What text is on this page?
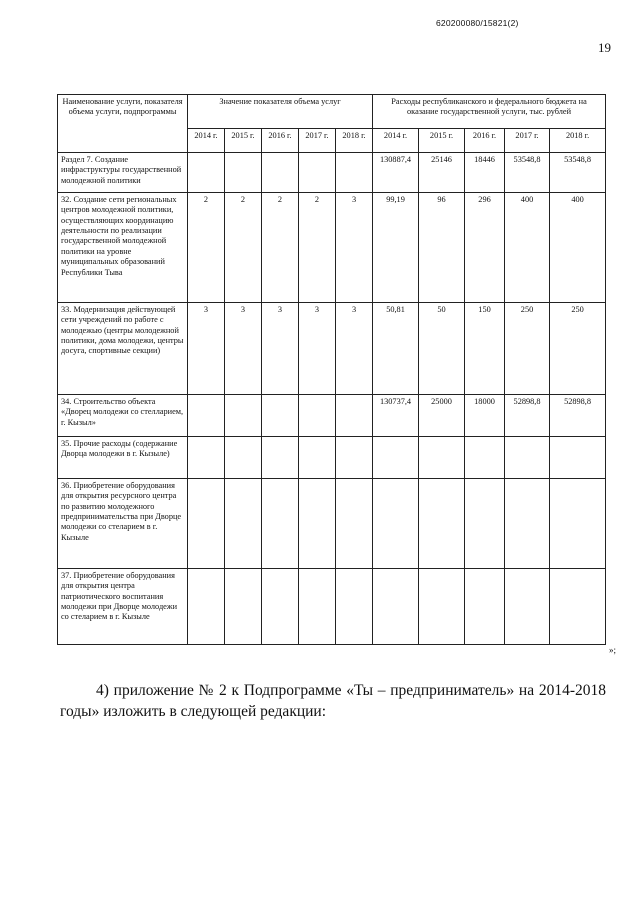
620200080/15821(2)
19
Наименование услуги, показателя объема услуги, подпрограммы	Значение показателя объема услуг					Расходы республиканского и федерального бюджета на оказание государственной услуги, тыс. рублей				
	2014 г.	2015 г.	2016 г.	2017 г.	2018 г.	2014 г.	2015 г.	2016 г.	2017 г.	2018 г.
Раздел 7. Создание инфраструктуры государственной молодежной политики						130887,4	25146	18446	53548,8	53548,8
32. Создание сети региональных центров молодежной политики, осуществляющих координацию деятельности по реализации государственной молодежной политики на уровне муниципальных образований Республики Тыва	2	2	2	2	3	99,19	96	296	400	400
33. Модернизация действующей сети учреждений по работе с молодежью (центры молодежной политики, дома молодежи, центры досуга, спортивные секции)	3	3	3	3	3	50,81	50	150	250	250
34. Строительство объекта «Дворец молодежи со стелларием, г. Кызыл»						130737,4	25000	18000	52898,8	52898,8
35. Прочие расходы (содержание Дворца молодежи в г. Кызыле)										
36. Приобретение оборудования для открытия ресурсного центра по развитию молодежного предпринимательства при Дворце молодежи со стеларием в г. Кызыле										
37. Приобретение оборудования для открытия центра патриотического воспитания молодежи при Дворце молодежи со стеларием в г. Кызыле										
»;
4) приложение № 2 к Подпрограмме «Ты – предприниматель» на 2014-2018 годы» изложить в следующей редакции:
